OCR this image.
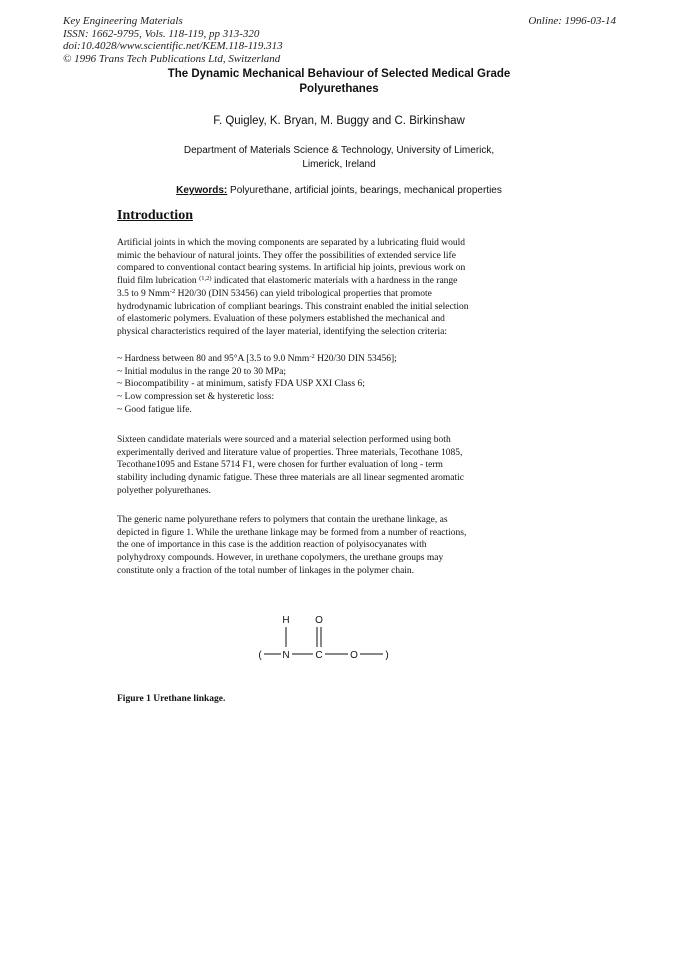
Key Engineering Materials
ISSN: 1662-9795, Vols. 118-119, pp 313-320
doi:10.4028/www.scientific.net/KEM.118-119.313
© 1996 Trans Tech Publications Ltd, Switzerland
Online: 1996-03-14
The Dynamic Mechanical Behaviour of Selected Medical Grade
Polyurethanes
F. Quigley, K. Bryan, M. Buggy and C. Birkinshaw
Department of Materials Science & Technology, University of Limerick,
Limerick, Ireland
Keywords: Polyurethane, artificial joints, bearings, mechanical properties
Introduction
Artificial joints in which the moving components are separated by a lubricating fluid would
mimic the behaviour of natural joints. They offer the possibilities of extended service life
compared to conventional contact bearing systems. In artificial hip joints, previous work on
fluid film lubrication $^{(1,2)}$ indicated that elastomeric materials with a hardness in the range
3.5 to 9 Nmm$^{-2}$ H20/30 (DIN 53456) can yield tribological properties that promote
hydrodynamic lubrication of compliant bearings. This constraint enabled the initial selection
of elastomeric polymers. Evaluation of these polymers established the mechanical and
physical characteristics required of the layer material, identifying the selection criteria:
~ Hardness between 80 and 95°A [3.5 to 9.0 Nmm$^{-2}$ H20/30 DIN 53456];
~ Initial modulus in the range 20 to 30 MPa;
~ Biocompatibility - at minimum, satisfy FDA USP XXI Class 6;
~ Low compression set & hysteretic loss:
~ Good fatigue life.
Sixteen candidate materials were sourced and a material selection performed using both
experimentally derived and literature value of properties. Three materials, Tecothane 1085,
Tecothane1095 and Estane 5714 F1, were chosen for further evaluation of long - term
stability including dynamic fatigue. These three materials are all linear segmented aromatic
polyether polyurethanes.
The generic name polyurethane refers to polymers that contain the urethane linkage, as
depicted in figure 1. While the urethane linkage may be formed from a number of reactions,
the one of importance in this case is the addition reaction of polyisocyanates with
polyhydroxy compounds. However, in urethane copolymers, the urethane groups may
constitute only a fraction of the total number of linkages in the polymer chain.
H	O
( N	C	O	)
Figure 1 Urethane linkage.
